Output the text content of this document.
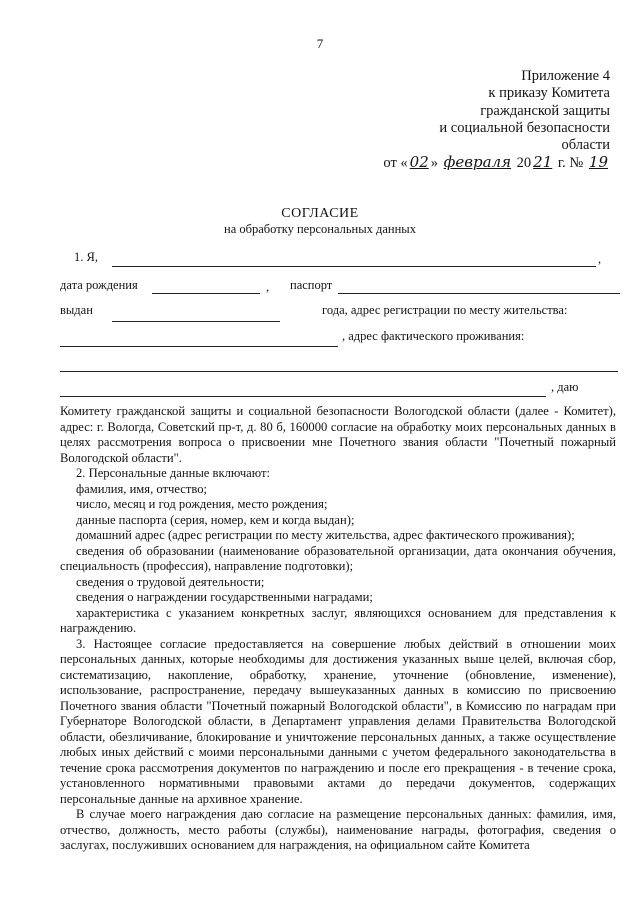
7
Приложение 4
к приказу Комитета
гражданской защиты
и социальной безопасности
области
от « 02 » февраля 20 21 г. № 19
СОГЛАСИЕ
на обработку персональных данных
1. Я,	,
дата рождения	, паспорт
выдан	года, адрес регистрации по месту жительства:
, адрес фактического проживания:
, даю

Комитету гражданской защиты и социальной безопасности Вологодской области (далее - Комитет), адрес: г. Вологда, Советский пр-т, д. 80 б, 160000 согласие на обработку моих персональных данных в целях рассмотрения вопроса о присвоении мне Почетного звания области "Почетный пожарный Вологодской области".

2. Персональные данные включают:

фамилия, имя, отчество;

число, месяц и год рождения, место рождения;

данные паспорта (серия, номер, кем и когда выдан);

домашний адрес (адрес регистрации по месту жительства, адрес фактического проживания);

сведения об образовании (наименование образовательной организации, дата окончания обучения, специальность (профессия), направление подготовки);

сведения о трудовой деятельности;

сведения о награждении государственными наградами;

характеристика с указанием конкретных заслуг, являющихся основанием для представления к награждению.

3. Настоящее согласие предоставляется на совершение любых действий в отношении моих персональных данных, которые необходимы для достижения указанных выше целей, включая сбор, систематизацию, накопление, обработку, хранение, уточнение (обновление, изменение), использование, распространение, передачу вышеуказанных данных в комиссию по присвоению Почетного звания области "Почетный пожарный Вологодской области", в Комиссию по наградам при Губернаторе Вологодской области, в Департамент управления делами Правительства Вологодской области, обезличивание, блокирование и уничтожение персональных данных, а также осуществление любых иных действий с моими персональными данными с учетом федерального законодательства в течение срока рассмотрения документов по награждению и после его прекращения - в течение срока, установленного нормативными правовыми актами до передачи документов, содержащих персональные данные на архивное хранение.

В случае моего награждения даю согласие на размещение персональных данных: фамилия, имя, отчество, должность, место работы (службы), наименование награды, фотография, сведения о заслугах, послуживших основанием для награждения, на официальном сайте Комитета
